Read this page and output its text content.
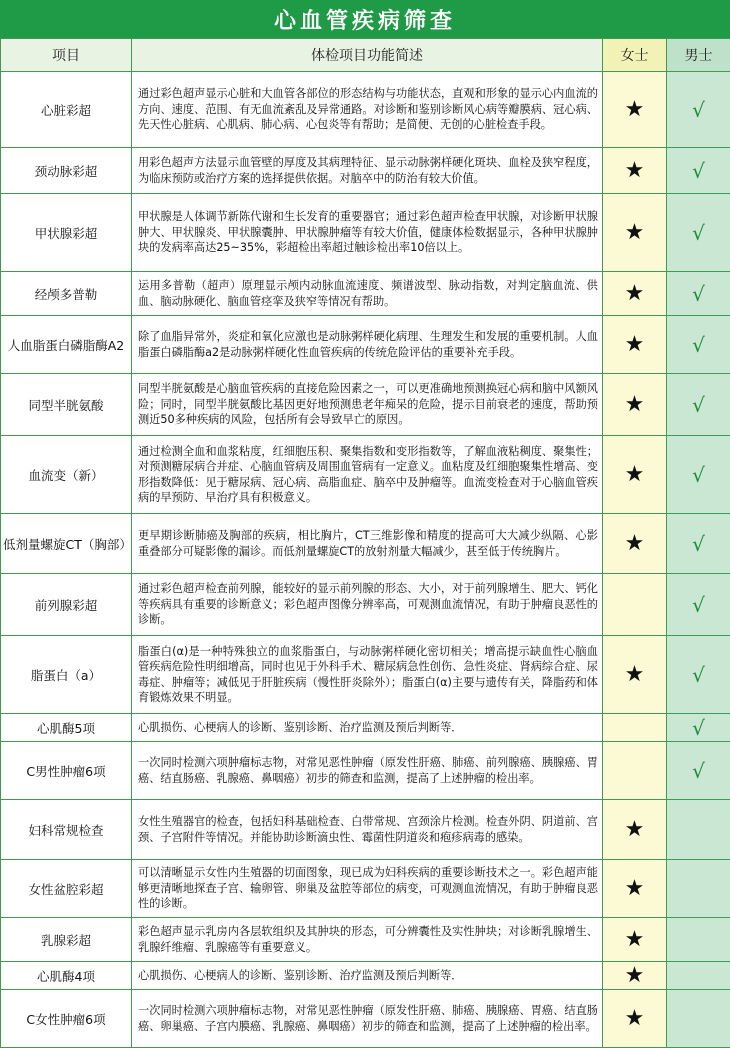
心血管疾病筛查
项目	体检项目功能简述	女士	男士
心脏彩超	通过彩色超声显示心脏和大血管各部位的形态结构与功能状态，直观和形象的显示心内血流的方向、速度、范围、有无血流紊乱及异常通路。对诊断和鉴别诊断风心病等瓣膜病、冠心病、先天性心脏病、心肌病、肺心病、心包炎等有帮助；是简便、无创的心脏检查手段。	★	√
颈动脉彩超	用彩色超声方法显示血管壁的厚度及其病理特征、显示动脉粥样硬化斑块、血栓及狭窄程度，为临床预防或治疗方案的选择提供依据。对脑卒中的防治有较大价值。	★	√
甲状腺彩超	甲状腺是人体调节新陈代谢和生长发育的重要器官；通过彩色超声检查甲状腺，对诊断甲状腺肿大、甲状腺炎、甲状腺囊肿、甲状腺肿瘤等有较大价值，健康体检数据显示，各种甲状腺肿块的发病率高达25~35%，彩超检出率超过触诊检出率10倍以上。	★	√
经颅多普勒	运用多普勒（超声）原理显示颅内动脉血流速度、频谱波型、脉动指数，对判定脑血流、供血、脑动脉硬化、脑血管痉挛及狭窄等情况有帮助。	★	√
人血脂蛋白磷脂酶A2	除了血脂异常外，炎症和氧化应激也是动脉粥样硬化病理、生理发生和发展的重要机制。人血脂蛋白磷脂酶a2是动脉粥样硬化性血管疾病的传统危险评估的重要补充手段。	★	√
同型半胱氨酸	同型半胱氨酸是心脑血管疾病的直接危险因素之一，可以更准确地预测换冠心病和脑中风额风险；同时，同型半胱氨酸比基因更好地预测患老年痴呆的危险，提示目前衰老的速度，帮助预测近50多种疾病的风险，包括所有会导致早亡的原因。	★	√
血流变（新）	通过检测全血和血浆粘度，红细胞压积、聚集指数和变形指数等，了解血液粘稠度、聚集性；对预测糖尿病合并症、心脑血管病及周围血管病有一定意义。血粘度及红细胞聚集性增高、变形指数降低：见于糖尿病、冠心病、高脂血症、脑卒中及肿瘤等。血流变检查对于心脑血管疾病的早预防、早治疗具有积极意义。	★	√
低剂量螺旋CT（胸部）	更早期诊断肺癌及胸部的疾病，相比胸片，CT三维影像和精度的提高可大大减少纵隔、心影重叠部分可疑影像的漏诊。而低剂量螺旋CT的放射剂量大幅减少，甚至低于传统胸片。	★	√
前列腺彩超	通过彩色超声检查前列腺，能较好的显示前列腺的形态、大小，对于前列腺增生、肥大、钙化等疾病具有重要的诊断意义；彩色超声图像分辨率高，可观测血流情况，有助于肿瘤良恶性的诊断。		√
脂蛋白（a）	脂蛋白(α)是一种特殊独立的血浆脂蛋白，与动脉粥样硬化密切相关；增高提示缺血性心脑血管疾病危险性明细增高，同时也见于外科手术、糖尿病急性创伤、急性炎症、肾病综合症、尿毒症、肿瘤等；减低见于肝脏疾病（慢性肝炎除外）；脂蛋白(α)主要与遗传有关，降脂药和体育锻炼效果不明显。	★	√
心肌酶5项	心肌损伤、心梗病人的诊断、鉴别诊断、治疗监测及预后判断等．		√
C男性肿瘤6项	一次同时检测六项肿瘤标志物，对常见恶性肿瘤（原发性肝癌、肺癌、前列腺癌、胰腺癌、胃癌、结直肠癌、乳腺癌、鼻咽癌）初步的筛查和监测，提高了上述肿瘤的检出率。		√
妇科常规检查	女性生殖器官的检查，包括妇科基础检查、白带常规、宫颈涂片检测。检查外阴、阴道前、宫颈、子宫附件等情况。并能协助诊断滴虫性、霉菌性阴道炎和疱疹病毒的感染。	★	
女性盆腔彩超	可以清晰显示女性内生殖器的切面图象，现已成为妇科疾病的重要诊断技术之一。彩色超声能够更清晰地探查子宫、输卵管、卵巢及盆腔等部位的病变，可观测血流情况，有助于肿瘤良恶性的诊断。	★	
乳腺彩超	彩色超声显示乳房内各层软组织及其肿块的形态，可分辨囊性及实性肿块；对诊断乳腺增生、乳腺纤维瘤、乳腺癌等有重要意义。	★	
心肌酶4项	心肌损伤、心梗病人的诊断、鉴别诊断、治疗监测及预后判断等．	★	
C女性肿瘤6项	一次同时检测六项肿瘤标志物，对常见恶性肿瘤（原发性肝癌、肺癌、胰腺癌、胃癌、结直肠癌、卵巢癌、子宫内膜癌、乳腺癌、鼻咽癌）初步的筛查和监测，提高了上述肿瘤的检出率。	★	
